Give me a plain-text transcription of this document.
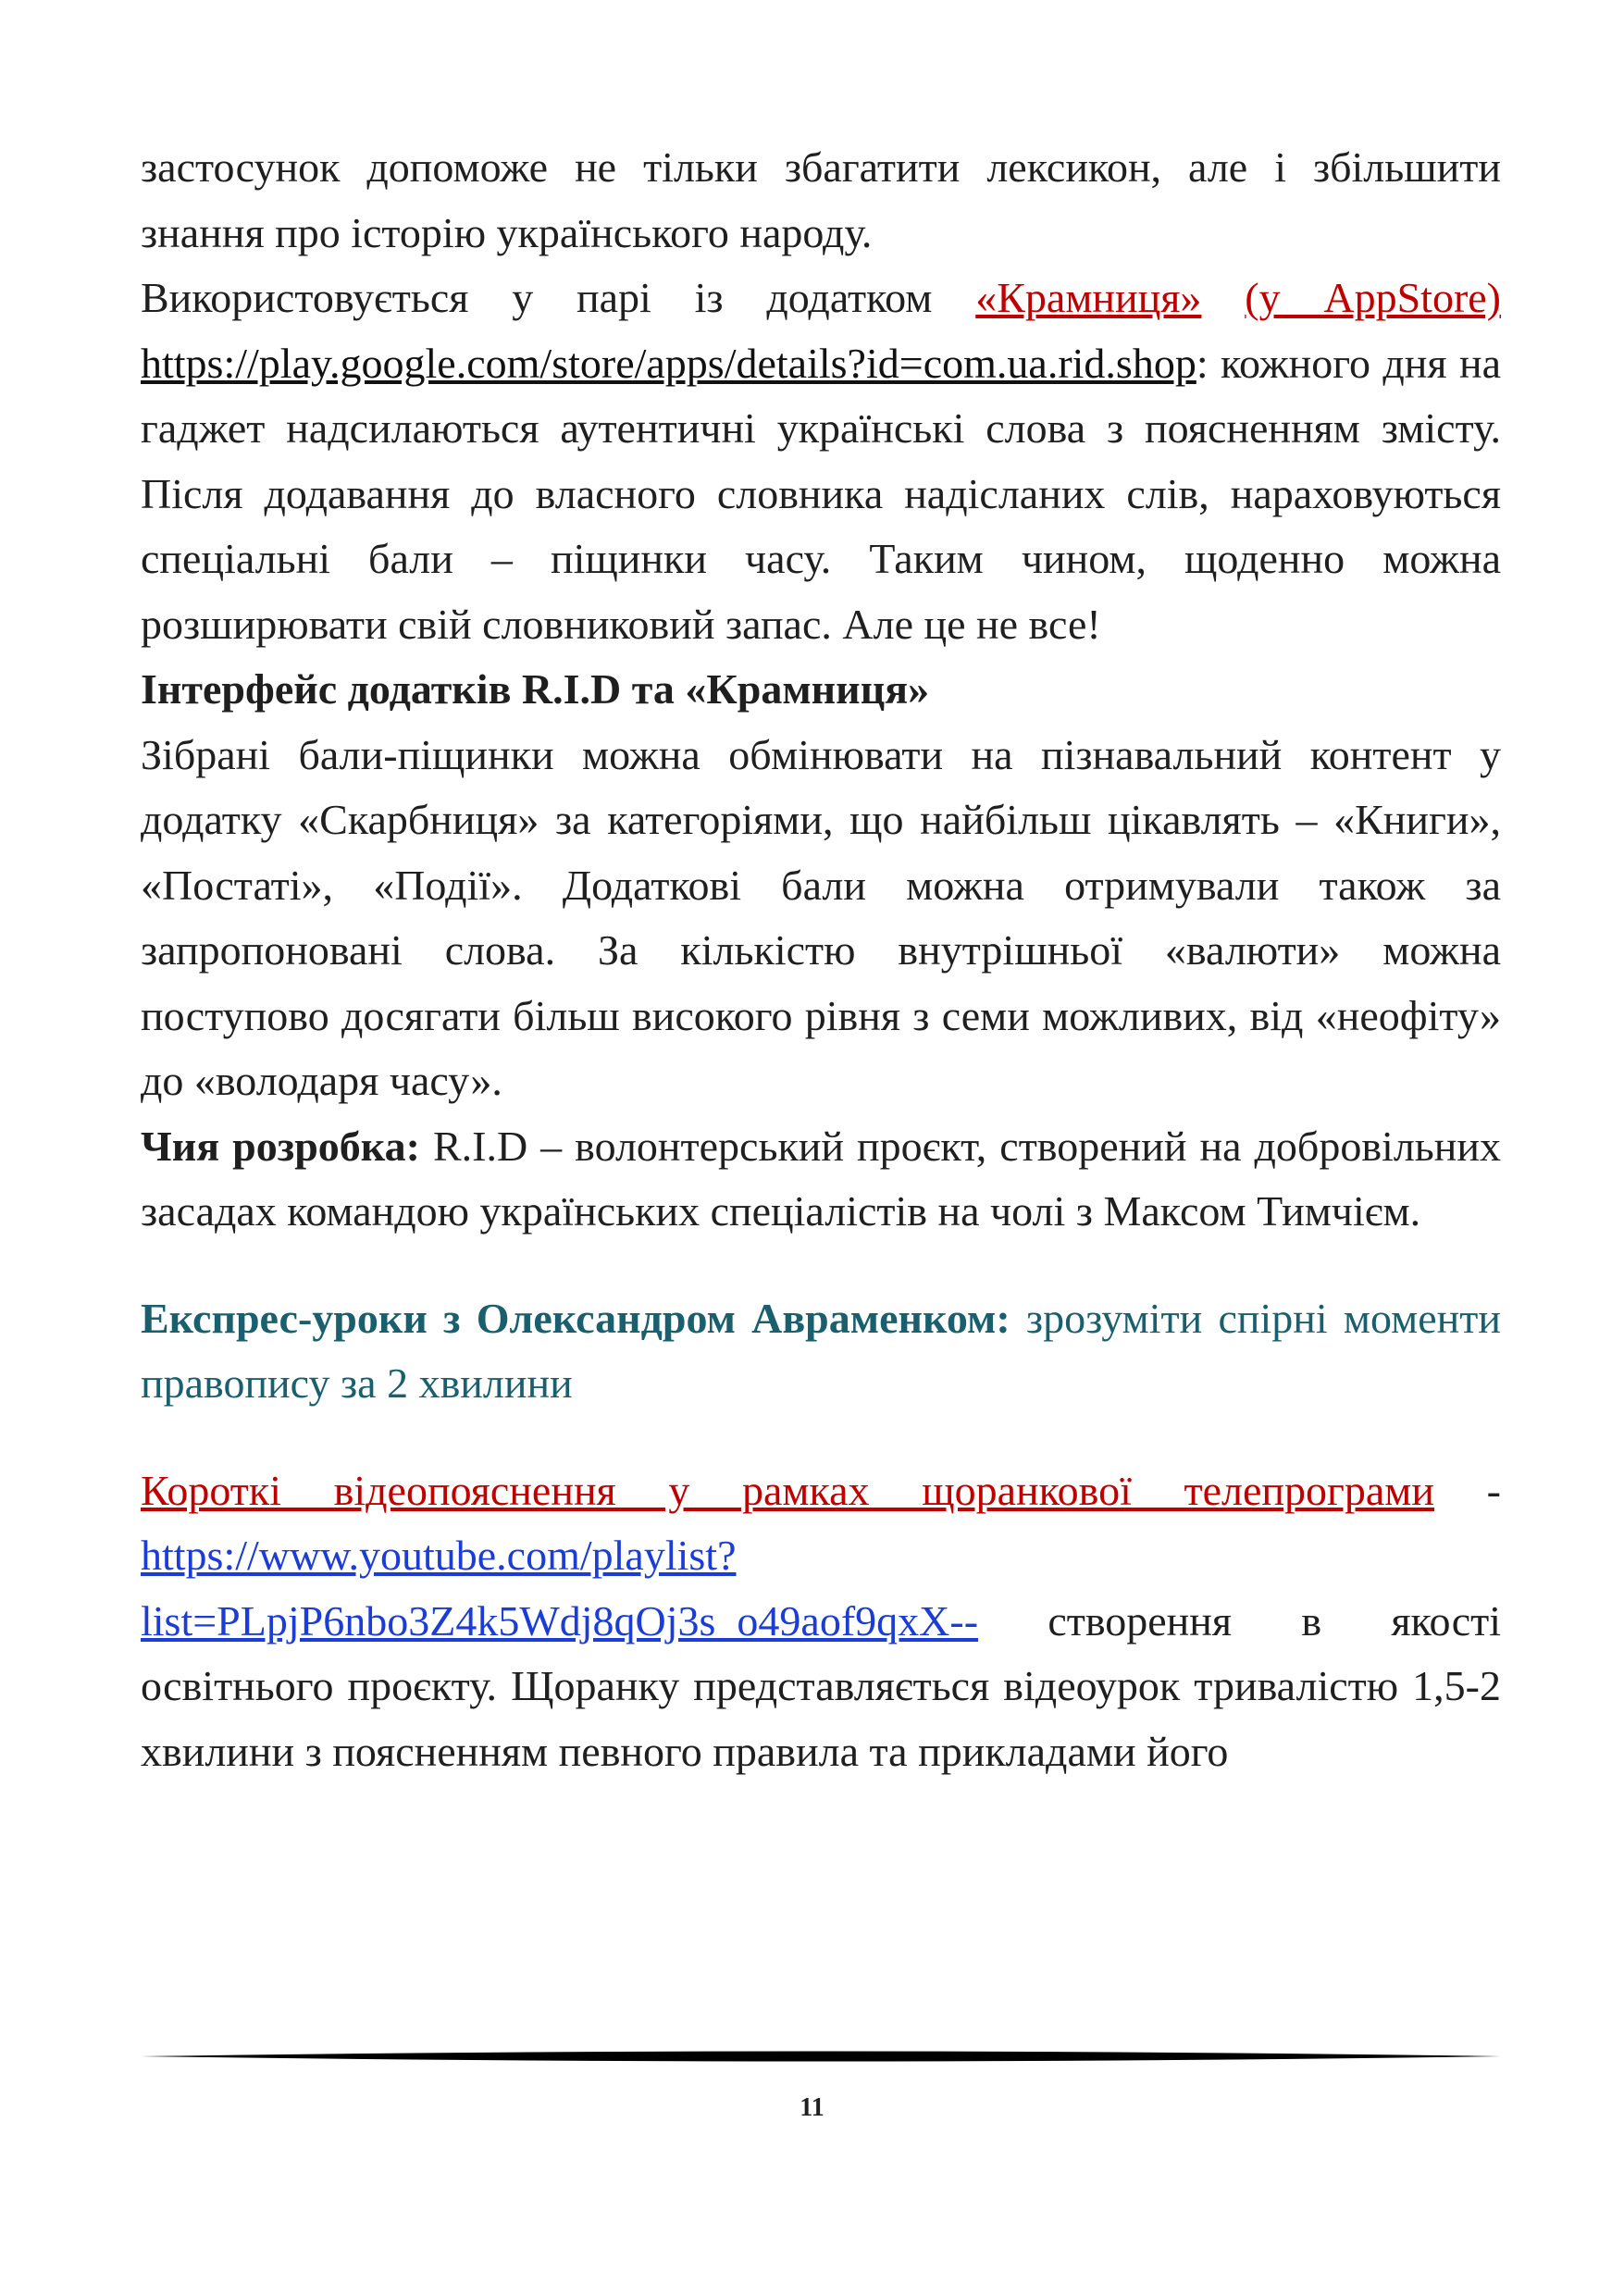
застосунок допоможе не тільки збагатити лексикон, але і збільшити знання про історію українського народу.

Використовується у парі із додатком «Крамниця» (у AppStore) https://play.google.com/store/apps/details?id=com.ua.rid.shop: кожного дня на гаджет надсилаються аутентичні українські слова з поясненням змісту. Після додавання до власного словника надісланих слів, нараховуються спеціальні бали – піщинки часу. Таким чином, щоденно можна розширювати свій словниковий запас. Але це не все!

Інтерфейс додатків R.I.D та «Крамниця»

Зібрані бали-піщинки можна обмінювати на пізнавальний контент у додатку «Скарбниця» за категоріями, що найбільш цікавлять – «Книги», «Постаті», «Події». Додаткові бали можна отримували також за запропоновані слова. За кількістю внутрішньої «валюти» можна поступово досягати більш високого рівня з семи можливих, від «неофіту» до «володаря часу».

Чия розробка: R.I.D – волонтерський проєкт, створений на добровільних засадах командою українських спеціалістів на чолі з Максом Тимчієм.

Експрес-уроки з Олександром Авраменком: зрозуміти спірні моменти правопису за 2 хвилини

Короткі відеопояснення у рамках щоранкової телепрограми - https://www.youtube.com/playlist?list=PLpjP6nbo3Z4k5Wdj8qOj3s_o49aof9qxX-- створення в якості освітнього проєкту. Щоранку представляється відеоурок тривалістю 1,5-2 хвилини з поясненням певного правила та прикладами його

11
